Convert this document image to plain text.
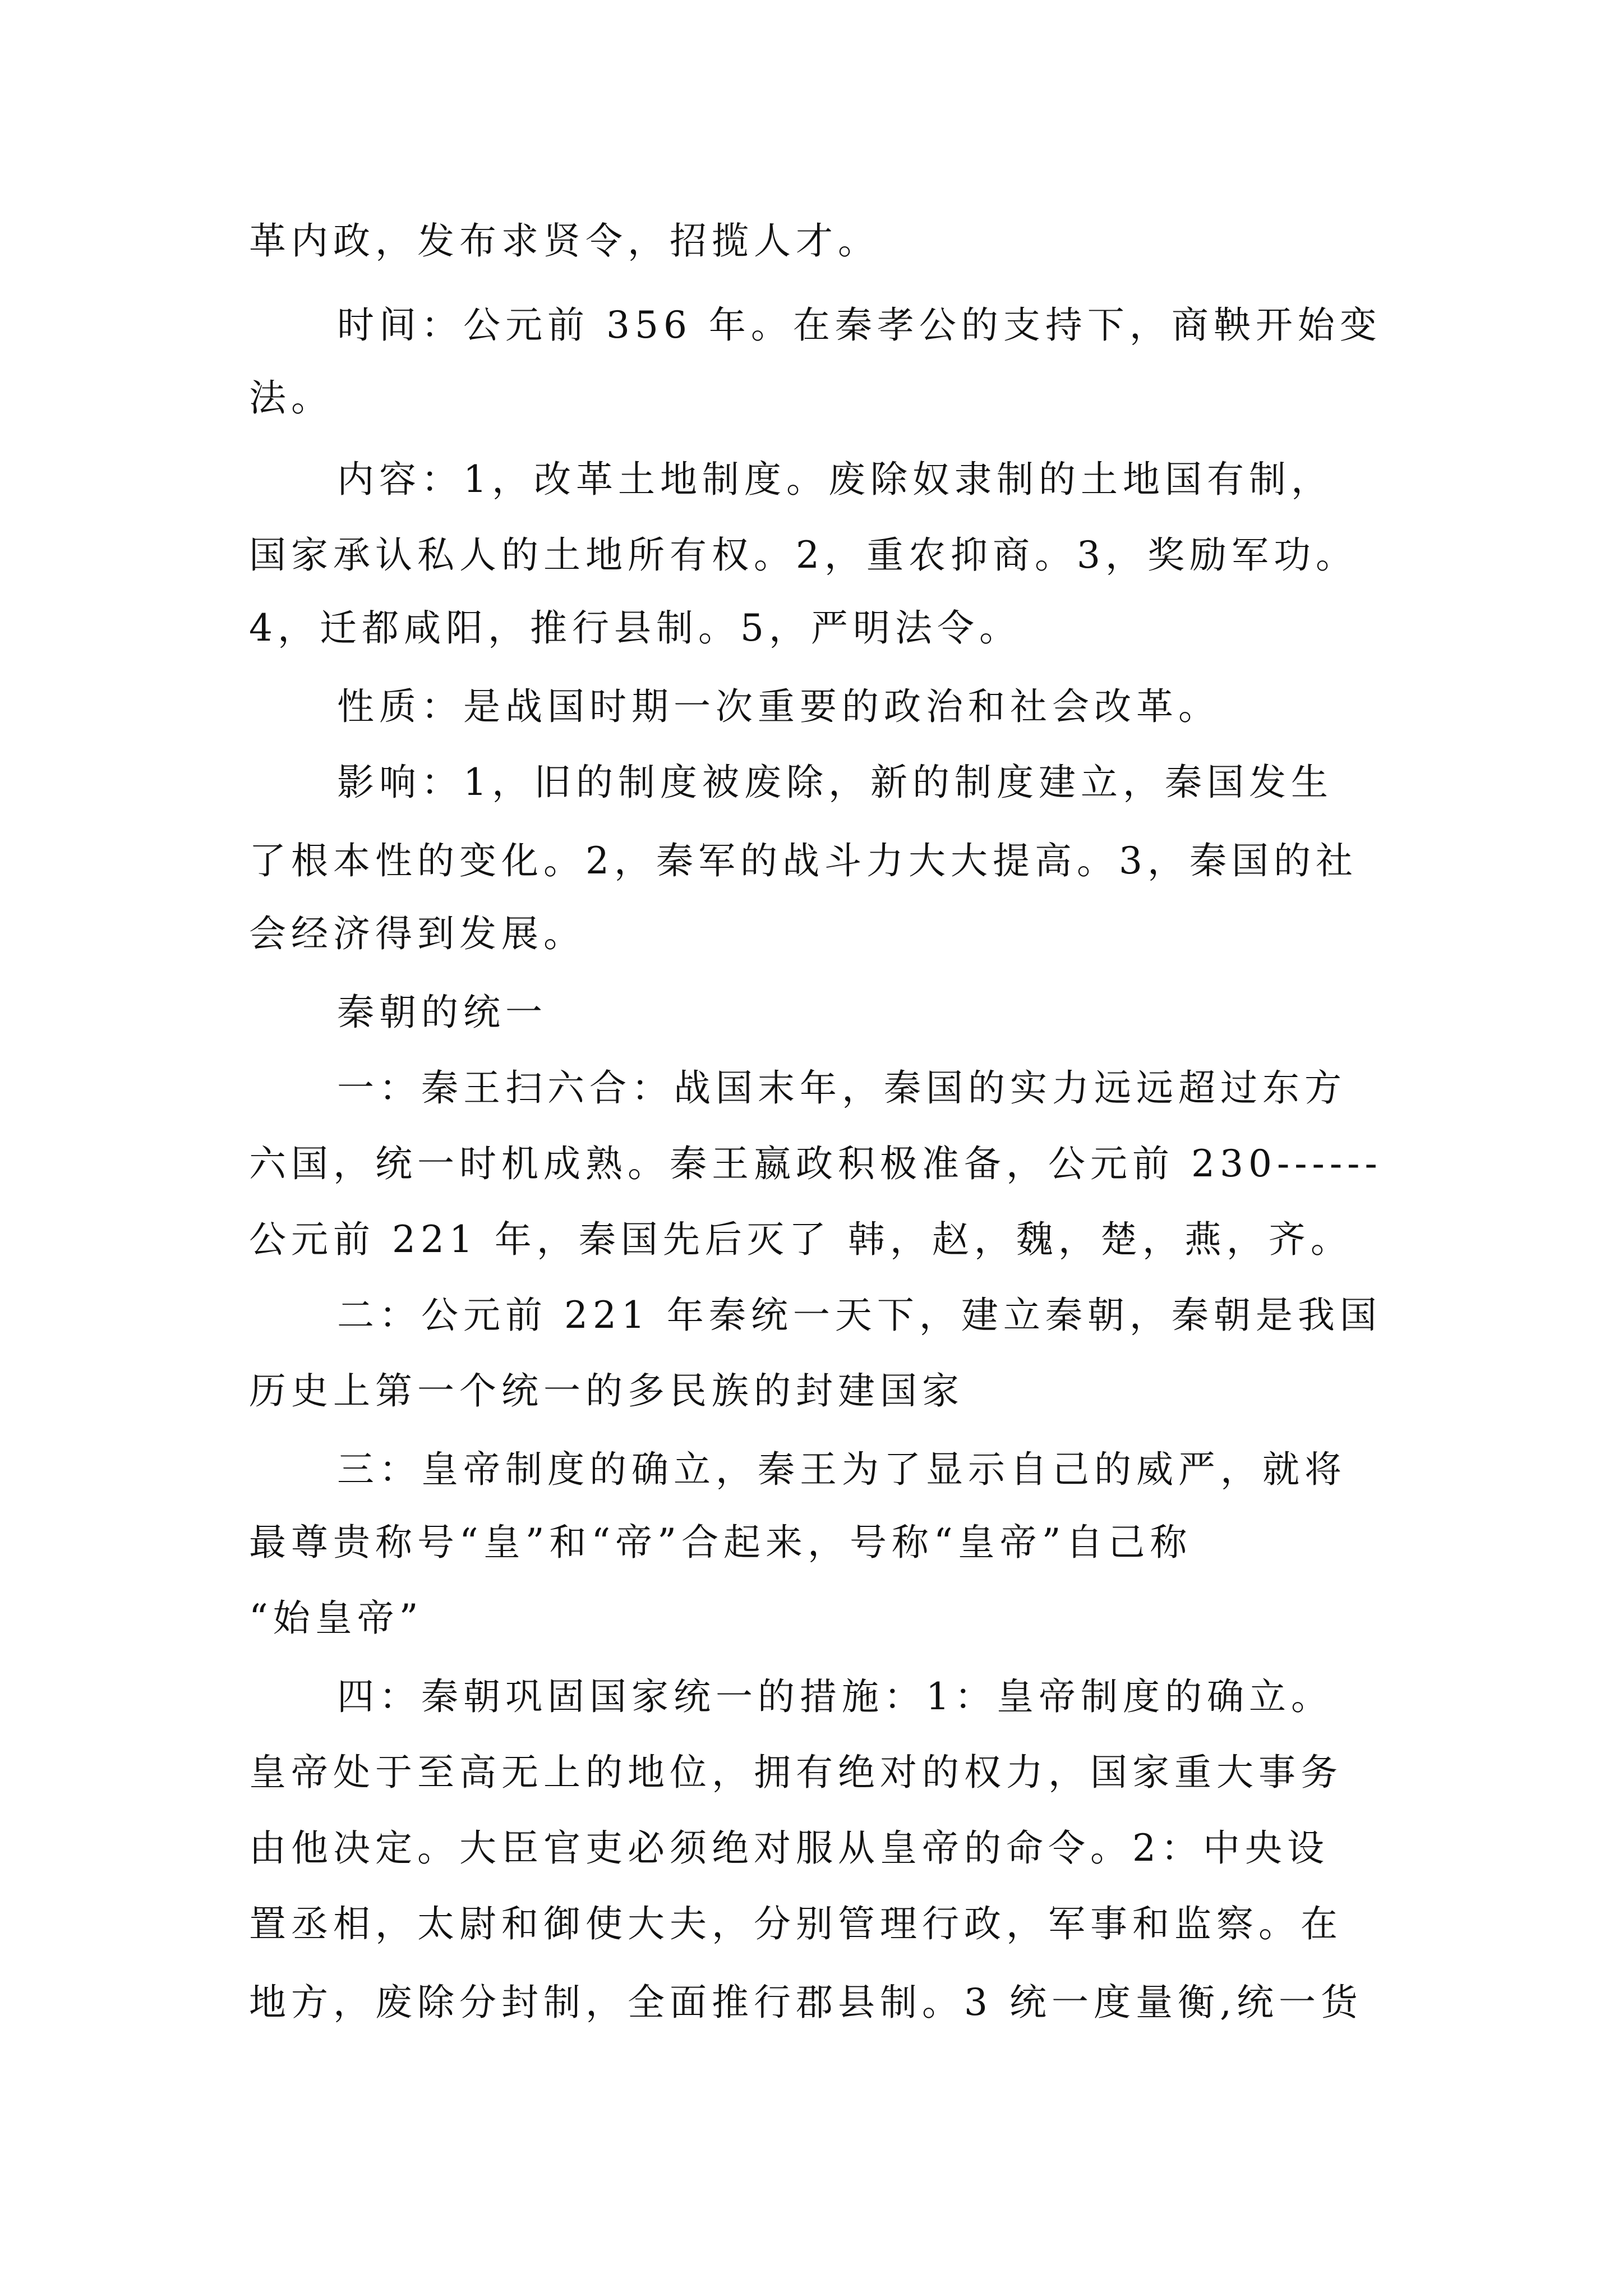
革内政，发布求贤令，招揽人才。

时间：公元前 356 年。在秦孝公的支持下，商鞅开始变

法。

内容：1，改革土地制度。废除奴隶制的土地国有制，

国家承认私人的土地所有权。2，重农抑商。3，奖励军功。

4，迁都咸阳，推行县制。5，严明法令。

性质：是战国时期一次重要的政治和社会改革。

影响：1，旧的制度被废除，新的制度建立，秦国发生

了根本性的变化。2，秦军的战斗力大大提高。3，秦国的社

会经济得到发展。

秦朝的统一

一：秦王扫六合：战国末年，秦国的实力远远超过东方

六国，统一时机成熟。秦王嬴政积极准备，公元前 230------

公元前 221 年，秦国先后灭了 韩，赵，魏，楚，燕，齐。

二：公元前 221 年秦统一天下，建立秦朝，秦朝是我国

历史上第一个统一的多民族的封建国家

三：皇帝制度的确立，秦王为了显示自己的威严，就将

最尊贵称号“皇”和“帝”合起来，号称“皇帝”自己称

“始皇帝”

四：秦朝巩固国家统一的措施：1：皇帝制度的确立。

皇帝处于至高无上的地位，拥有绝对的权力，国家重大事务

由他决定。大臣官吏必须绝对服从皇帝的命令。2：中央设

置丞相，太尉和御使大夫，分别管理行政，军事和监察。在

地方，废除分封制，全面推行郡县制。3 统一度量衡,统一货
